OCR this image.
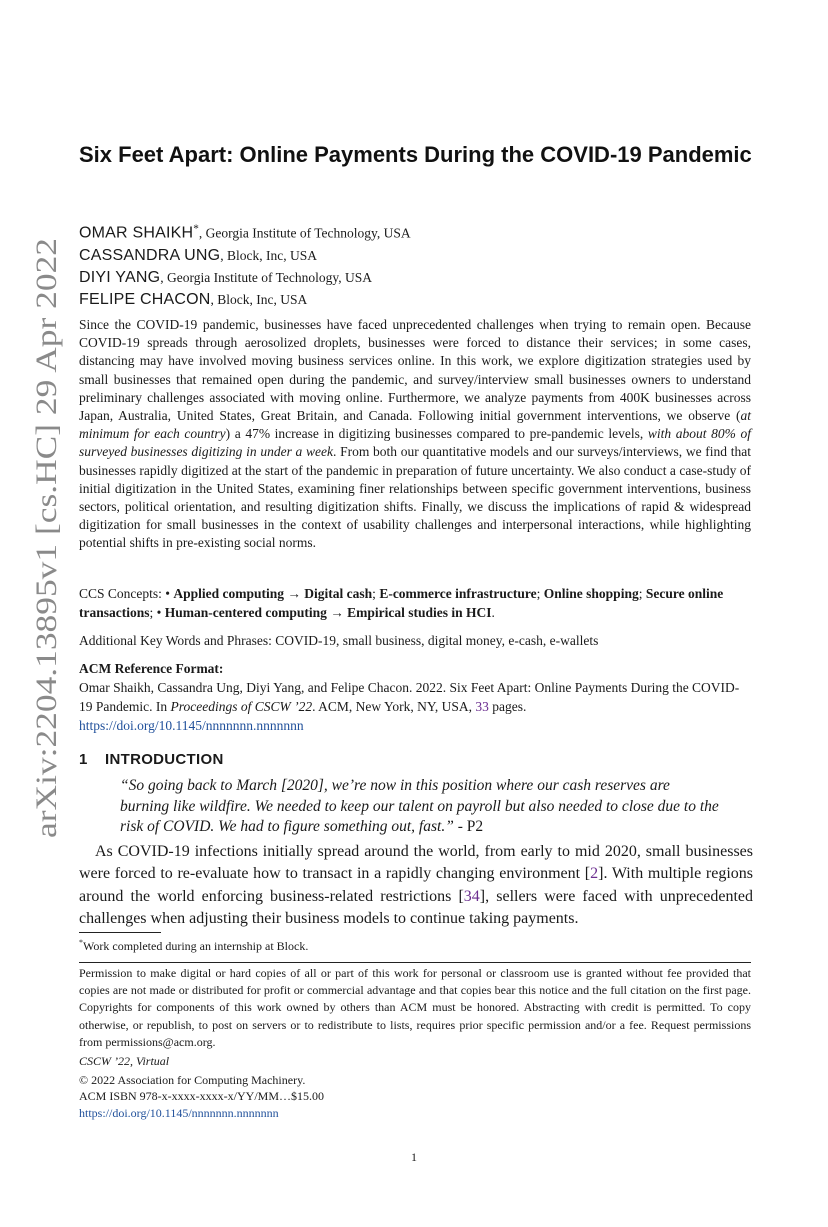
arXiv:2204.13895v1 [cs.HC] 29 Apr 2022
Six Feet Apart: Online Payments During the COVID-19 Pandemic
OMAR SHAIKH*, Georgia Institute of Technology, USA
CASSANDRA UNG, Block, Inc, USA
DIYI YANG, Georgia Institute of Technology, USA
FELIPE CHACON, Block, Inc, USA

Since the COVID-19 pandemic, businesses have faced unprecedented challenges when trying to remain open. Because COVID-19 spreads through aerosolized droplets, businesses were forced to distance their services; in some cases, distancing may have involved moving business services online. In this work, we explore digitization strategies used by small businesses that remained open during the pandemic, and survey/interview small businesses owners to understand preliminary challenges associated with moving online. Furthermore, we analyze payments from 400K businesses across Japan, Australia, United States, Great Britain, and Canada. Following initial government interventions, we observe (at minimum for each country) a 47% increase in digitizing businesses compared to pre-pandemic levels, with about 80% of surveyed businesses digitizing in under a week. From both our quantitative models and our surveys/interviews, we find that businesses rapidly digitized at the start of the pandemic in preparation of future uncertainty. We also conduct a case-study of initial digitization in the United States, examining finer relationships between specific government interventions, business sectors, political orientation, and resulting digitization shifts. Finally, we discuss the implications of rapid & widespread digitization for small businesses in the context of usability challenges and interpersonal interactions, while highlighting potential shifts in pre-existing social norms.

CCS Concepts: • Applied computing → Digital cash; E-commerce infrastructure; Online shopping; Secure online transactions; • Human-centered computing → Empirical studies in HCI.

Additional Key Words and Phrases: COVID-19, small business, digital money, e-cash, e-wallets

ACM Reference Format:

Omar Shaikh, Cassandra Ung, Diyi Yang, and Felipe Chacon. 2022. Six Feet Apart: Online Payments During the COVID-19 Pandemic. In Proceedings of CSCW ’22. ACM, New York, NY, USA, 33 pages. https://doi.org/10.1145/nnnnnnn.nnnnnnn

1 INTRODUCTION

“So going back to March [2020], we’re now in this position where our cash reserves are burning like wildfire. We needed to keep our talent on payroll but also needed to close due to the risk of COVID. We had to figure something out, fast.” - P2

As COVID-19 infections initially spread around the world, from early to mid 2020, small businesses were forced to re-evaluate how to transact in a rapidly changing environment [2]. With multiple regions around the world enforcing business-related restrictions [34], sellers were faced with unprecedented challenges when adjusting their business models to continue taking payments.

*Work completed during an internship at Block.

Permission to make digital or hard copies of all or part of this work for personal or classroom use is granted without fee provided that copies are not made or distributed for profit or commercial advantage and that copies bear this notice and the full citation on the first page. Copyrights for components of this work owned by others than ACM must be honored. Abstracting with credit is permitted. To copy otherwise, or republish, to post on servers or to redistribute to lists, requires prior specific permission and/or a fee. Request permissions from permissions@acm.org.

CSCW ’22, Virtual

© 2022 Association for Computing Machinery.

ACM ISBN 978-x-xxxx-xxxx-x/YY/MM…$15.00

https://doi.org/10.1145/nnnnnnn.nnnnnnn

1
